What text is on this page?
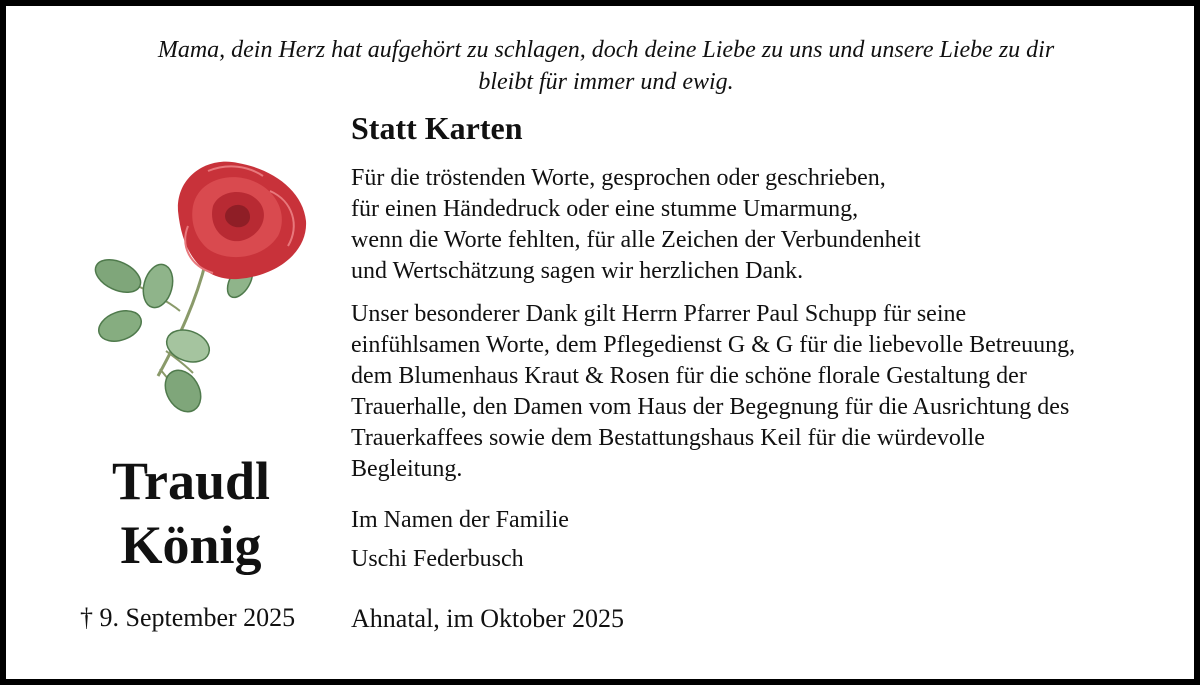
Mama, dein Herz hat aufgehört zu schlagen, doch deine Liebe zu uns und unsere Liebe zu dir
bleibt für immer und ewig.
Traudl
König
† 9. September 2025
Statt Karten
Für die tröstenden Worte, gesprochen oder geschrieben,
für einen Händedruck oder eine stumme Umarmung,
wenn die Worte fehlten, für alle Zeichen der Verbundenheit
und Wertschätzung sagen wir herzlichen Dank.
Unser besonderer Dank gilt Herrn Pfarrer Paul Schupp für seine
einfühlsamen Worte, dem Pflegedienst G & G für die liebevolle Betreuung,
dem Blumenhaus Kraut & Rosen für die schöne florale Gestaltung der
Trauerhalle, den Damen vom Haus der Begegnung für die Ausrichtung des
Trauerkaffees sowie dem Bestattungshaus Keil für die würdevolle
Begleitung.
Im Namen der Familie
Uschi Federbusch
Ahnatal, im Oktober 2025
